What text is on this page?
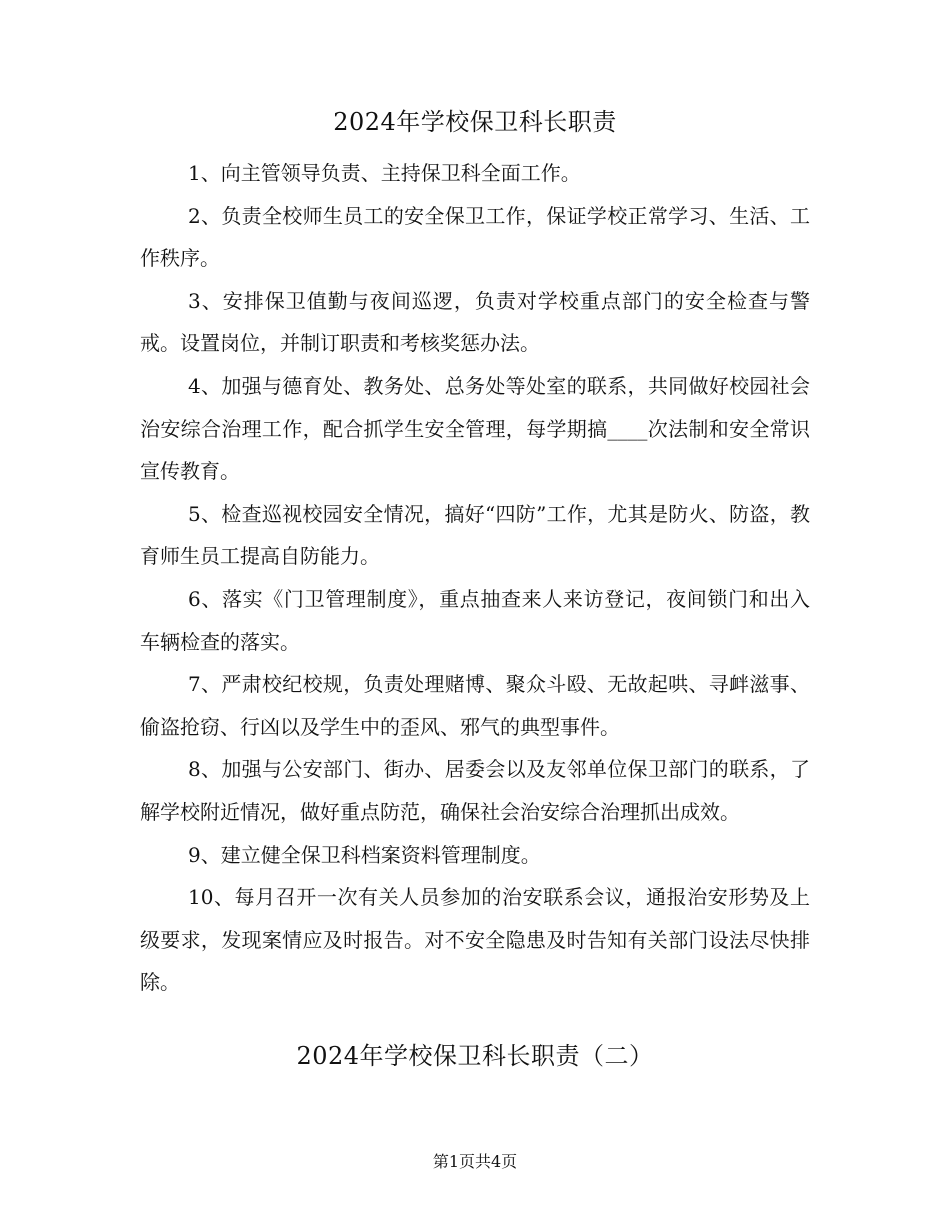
2024年学校保卫科长职责

1、向主管领导负责、主持保卫科全面工作。

2、负责全校师生员工的安全保卫工作，保证学校正常学习、生活、工作秩序。

3、安排保卫值勤与夜间巡逻，负责对学校重点部门的安全检查与警戒。设置岗位，并制订职责和考核奖惩办法。

4、加强与德育处、教务处、总务处等处室的联系，共同做好校园社会治安综合治理工作，配合抓学生安全管理，每学期搞____次法制和安全常识宣传教育。

5、检查巡视校园安全情况，搞好“四防”工作，尤其是防火、防盗，教育师生员工提高自防能力。

6、落实《门卫管理制度》，重点抽查来人来访登记，夜间锁门和出入车辆检查的落实。

7、严肃校纪校规，负责处理赌博、聚众斗殴、无故起哄、寻衅滋事、偷盗抢窃、行凶以及学生中的歪风、邪气的典型事件。

8、加强与公安部门、街办、居委会以及友邻单位保卫部门的联系，了解学校附近情况，做好重点防范，确保社会治安综合治理抓出成效。

9、建立健全保卫科档案资料管理制度。

10、每月召开一次有关人员参加的治安联系会议，通报治安形势及上级要求，发现案情应及时报告。对不安全隐患及时告知有关部门设法尽快排除。

2024年学校保卫科长职责（二）
第1页共4页
